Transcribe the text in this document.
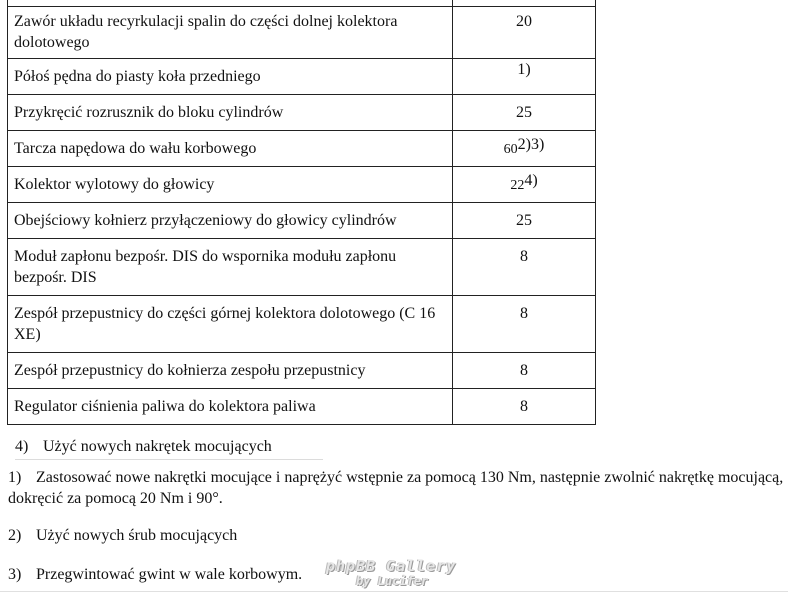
Zawór układu recyrkulacji spalin do części dolnej kolektora dolotowego	20
Półoś pędna do piasty koła przedniego	1)
Przykręcić rozrusznik do bloku cylindrów	25
Tarcza napędowa do wału korbowego	602)3)
Kolektor wylotowy do głowicy	224)
Obejściowy kołnierz przyłączeniowy do głowicy cylindrów	25
Moduł zapłonu bezpośr. DIS do wspornika modułu zapłonu bezpośr. DIS	8
Zespół przepustnicy do części górnej kolektora dolotowego (C 16 XE)	8
Zespół przepustnicy do kołnierza zespołu przepustnicy	8
Regulator ciśnienia paliwa do kolektora paliwa	8
4) Użyć nowych nakrętek mocujących
1) Zastosować nowe nakrętki mocujące i naprężyć wstępnie za pomocą 130 Nm, następnie zwolnić nakrętkę mocującą, dokręcić za pomocą 20 Nm i 90°.
2) Użyć nowych śrub mocujących
3) Przegwintować gwint w wale korbowym. phpBB Gallery
by Lucifer
